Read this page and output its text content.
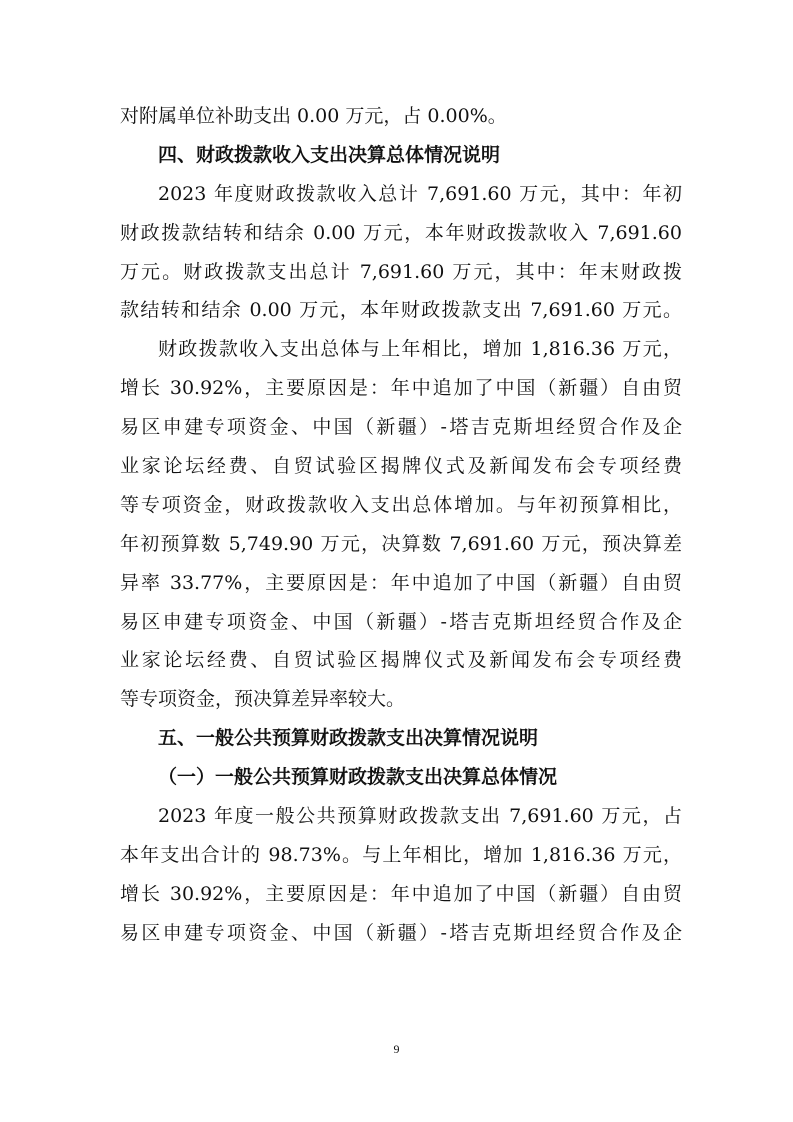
对附属单位补助支出 0.00 万元，占 0.00%。
四、财政拨款收入支出决算总体情况说明
2023 年度财政拨款收入总计 7,691.60 万元，其中：年初
财政拨款结转和结余 0.00 万元，本年财政拨款收入 7,691.60
万元。财政拨款支出总计 7,691.60 万元，其中：年末财政拨
款结转和结余 0.00 万元，本年财政拨款支出 7,691.60 万元。
财政拨款收入支出总体与上年相比，增加 1,816.36 万元，
增长 30.92%，主要原因是：年中追加了中国（新疆）自由贸
易区申建专项资金、中国（新疆）-塔吉克斯坦经贸合作及企
业家论坛经费、自贸试验区揭牌仪式及新闻发布会专项经费
等专项资金，财政拨款收入支出总体增加。与年初预算相比，
年初预算数 5,749.90 万元，决算数 7,691.60 万元，预决算差
异率 33.77%，主要原因是：年中追加了中国（新疆）自由贸
易区申建专项资金、中国（新疆）-塔吉克斯坦经贸合作及企
业家论坛经费、自贸试验区揭牌仪式及新闻发布会专项经费
等专项资金，预决算差异率较大。
五、一般公共预算财政拨款支出决算情况说明
（一）一般公共预算财政拨款支出决算总体情况
2023 年度一般公共预算财政拨款支出 7,691.60 万元，占
本年支出合计的 98.73%。与上年相比，增加 1,816.36 万元，
增长 30.92%，主要原因是：年中追加了中国（新疆）自由贸
易区申建专项资金、中国（新疆）-塔吉克斯坦经贸合作及企
9
